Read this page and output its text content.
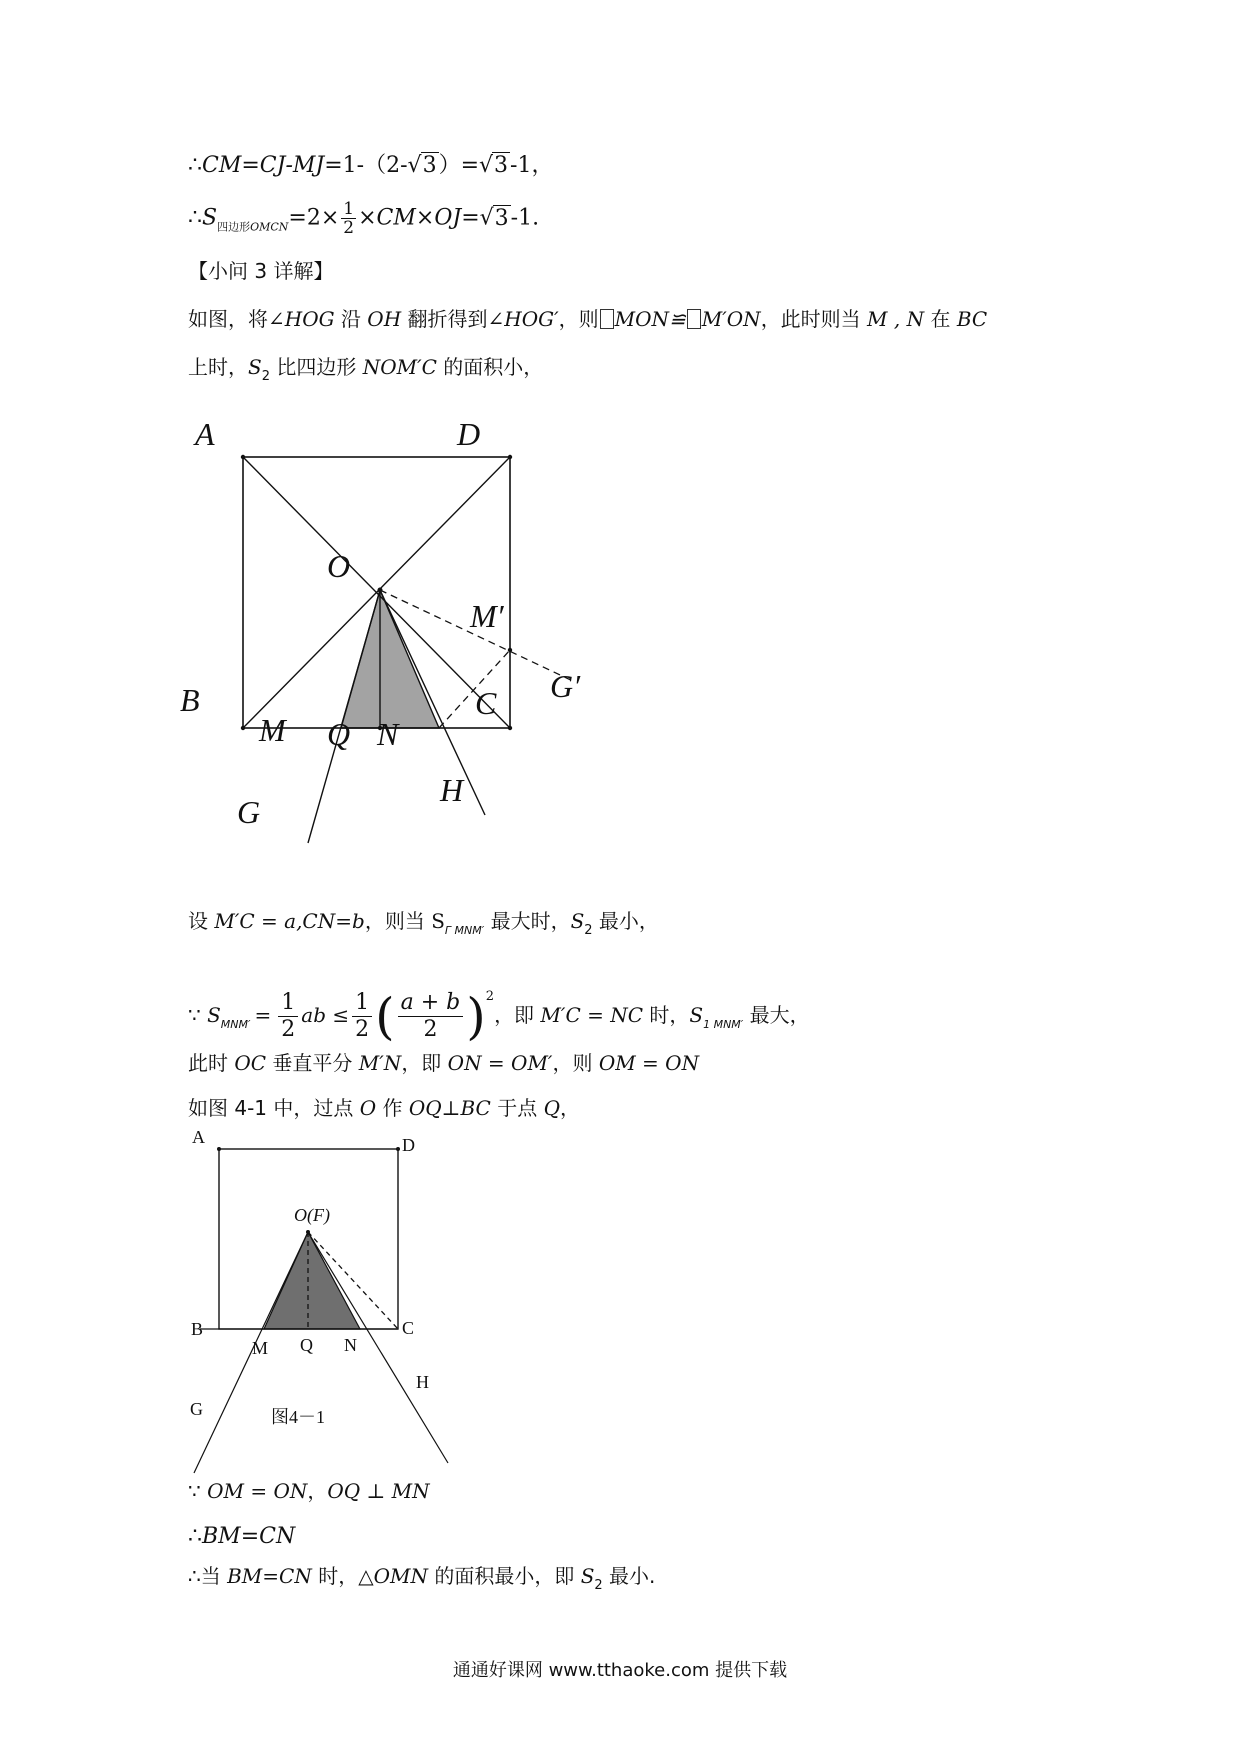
∴CM=CJ-MJ=1-（2-√3）=√3-1，
$\therefore S_{四边形OMCN}=2\times \frac{1}{2} \times CM\times OJ=√3-1$.
【小问 3 详解】
如图，将∠HOG 沿 OH 翻折得到∠HOG′，则 MON≌ M′ON，此时则当 M , N 在 BC
上时，$S_2$ 比四边形 NOM′C 的面积小，
A	D
O
M′
G′
B	C
M Q N
G
H
设 M′C = a,CN=b，则当 $S_{\Gamma MNM'}$ 最大时，$S_2$ 最小，
∵ $S_{MNM'} = \frac{1}{2}$ ab ≤ $\frac{1}{2}$ ( $\frac{a + b}{2} )^2$，即 M′C = NC 时，$S_{1 MNM'}$ 最大，
此时 OC 垂直平分 M′N，即 ON = OM′，则 OM = ON
如图 4-1 中，过点 O 作 OQ⊥BC 于点 Q，
A	D
O(F)
B	C
M Q N
G
H
图4－1
∵ OM = ON，OQ ⊥ MN
∴BM=CN
∴当 BM=CN 时，△OMN 的面积最小，即 $S_2$ 最小.
通通好课网 www.tthaoke.com 提供下载
